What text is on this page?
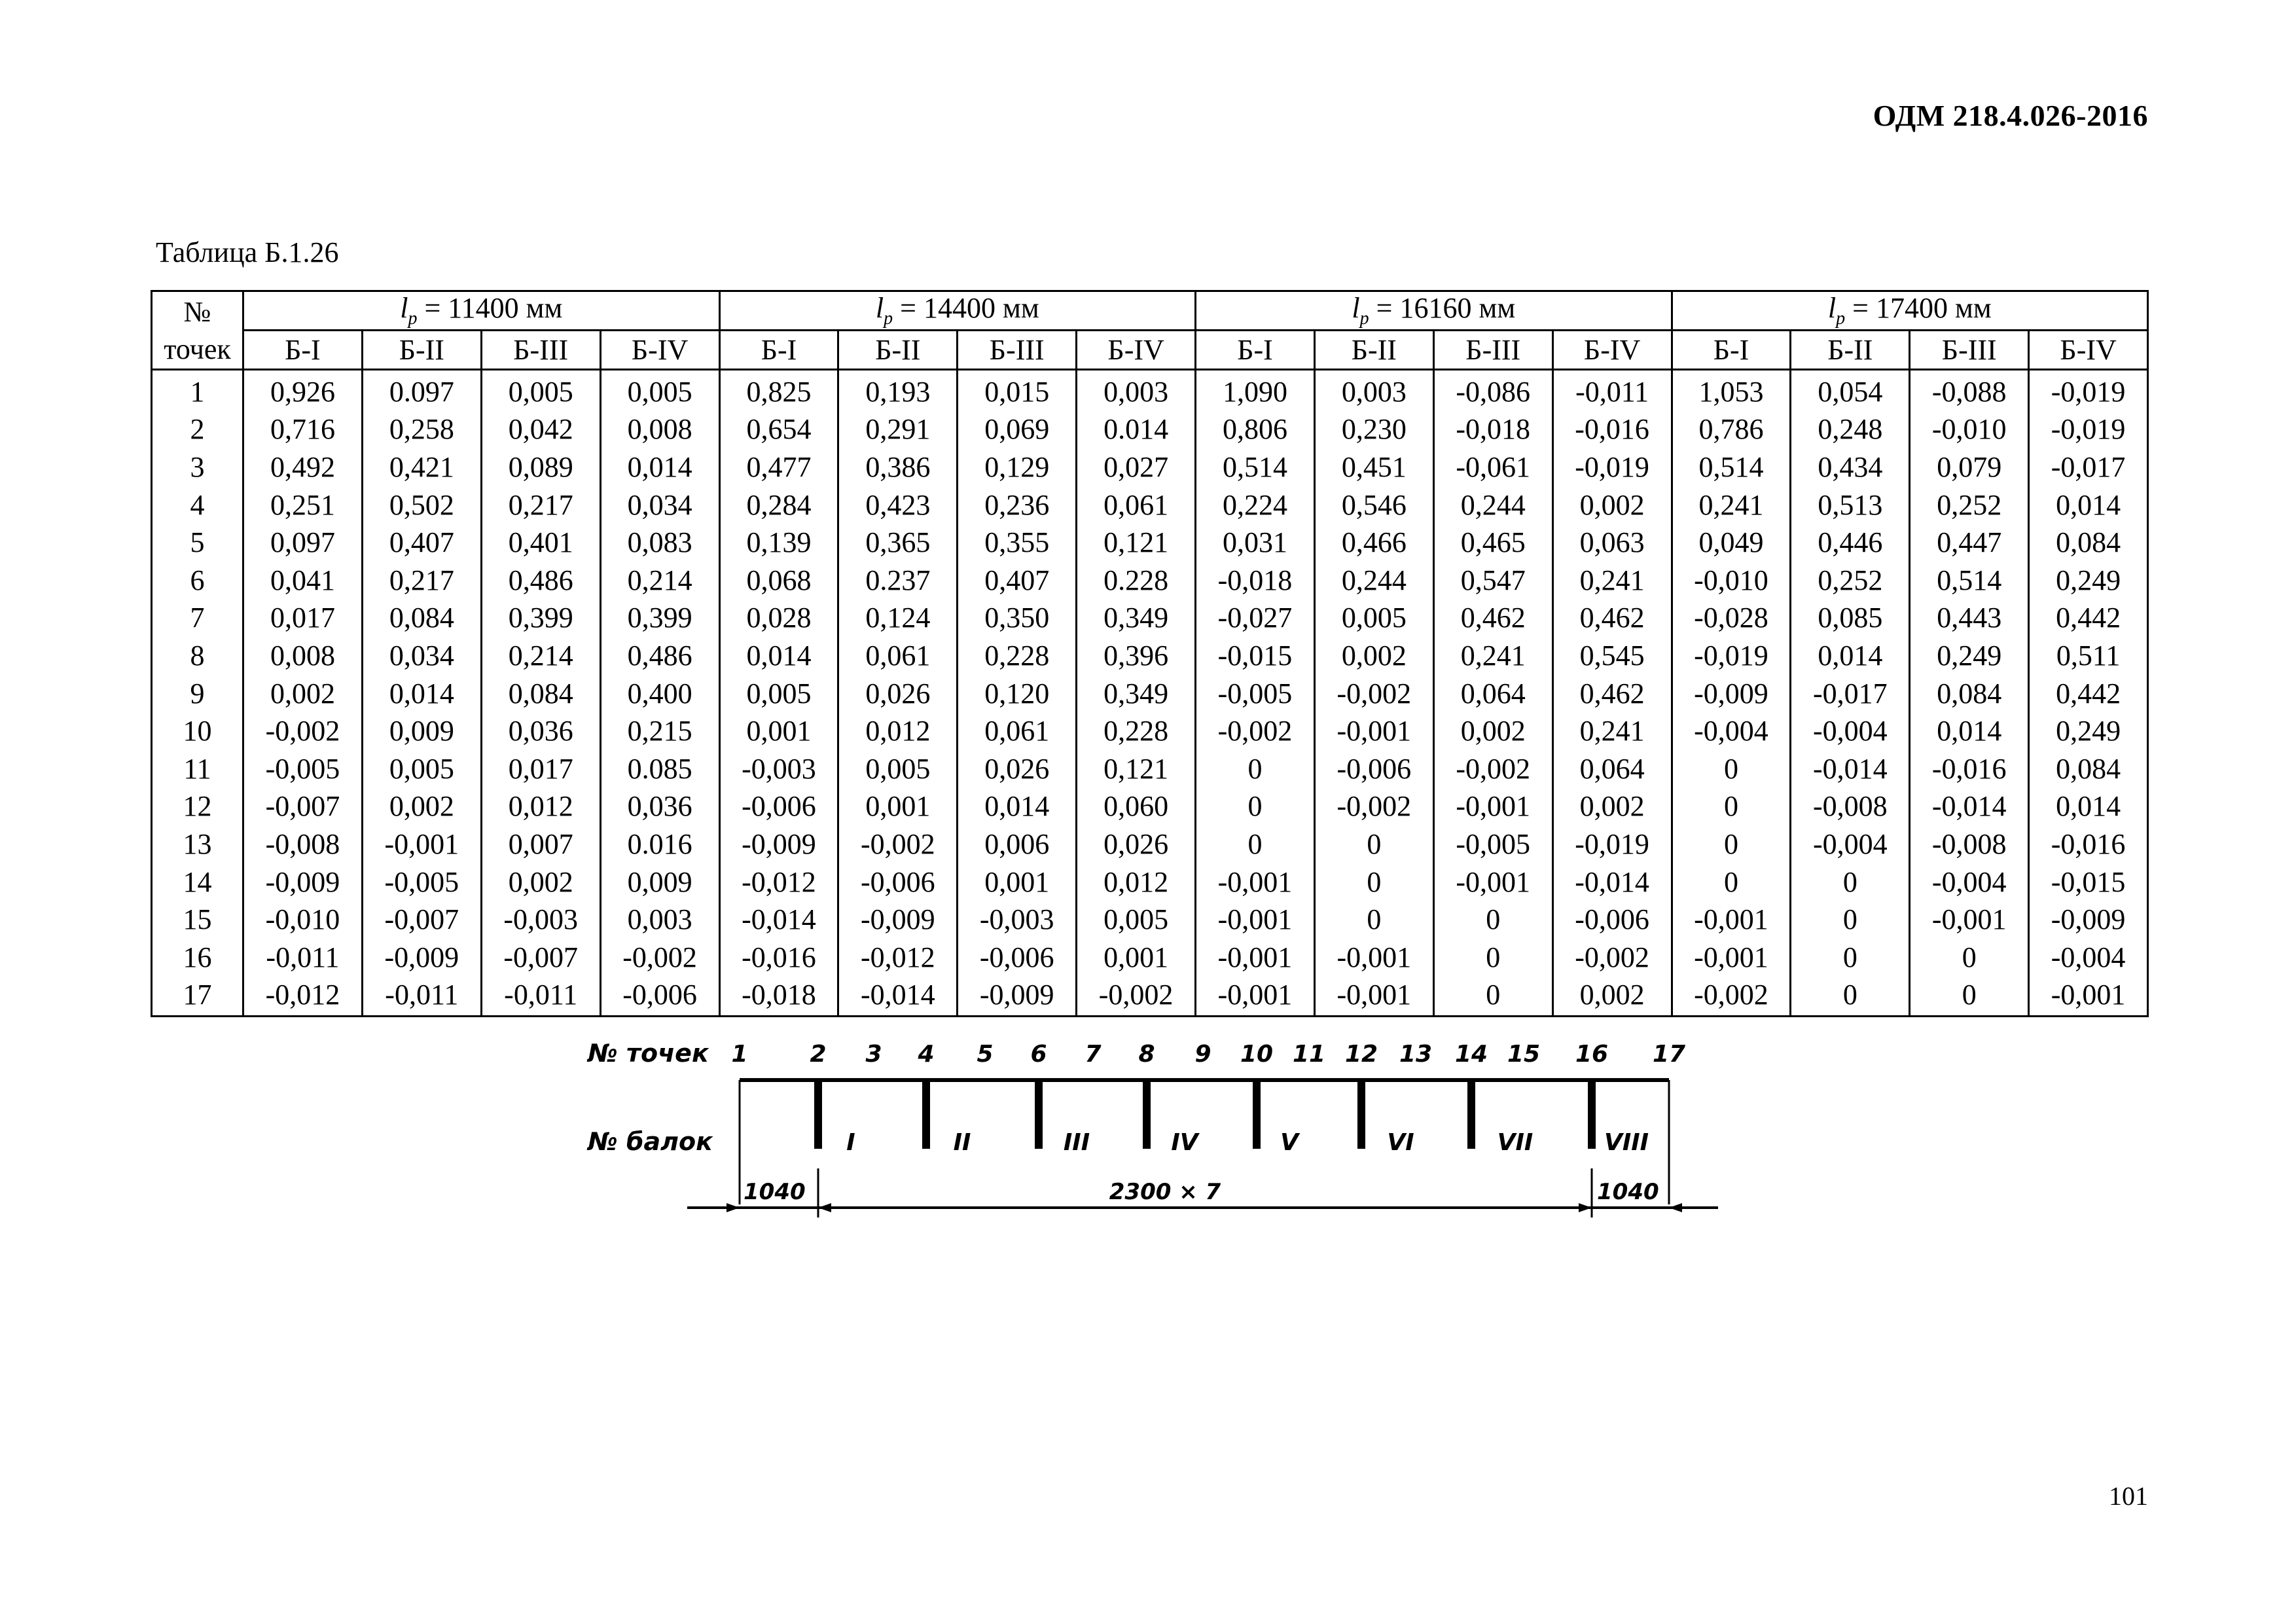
ОДМ 218.4.026-2016
Таблица Б.1.26
№
точек	$l_p = 11400$ мм				$l_p = 14400$ мм				$l_p = 16160$ мм				$l_p = 17400$ мм			
	Б-I	Б-II	Б-III	Б-IV	Б-I	Б-II	Б-III	Б-IV	Б-I	Б-II	Б-III	Б-IV	Б-I	Б-II	Б-III	Б-IV
1	0,926	0.097	0,005	0,005	0,825	0,193	0,015	0,003	1,090	0,003	-0,086	-0,011	1,053	0,054	-0,088	-0,019
2	0,716	0,258	0,042	0,008	0,654	0,291	0,069	0.014	0,806	0,230	-0,018	-0,016	0,786	0,248	-0,010	-0,019
3	0,492	0,421	0,089	0,014	0,477	0,386	0,129	0,027	0,514	0,451	-0,061	-0,019	0,514	0,434	0,079	-0,017
4	0,251	0,502	0,217	0,034	0,284	0,423	0,236	0,061	0,224	0,546	0,244	0,002	0,241	0,513	0,252	0,014
5	0,097	0,407	0,401	0,083	0,139	0,365	0,355	0,121	0,031	0,466	0,465	0,063	0,049	0,446	0,447	0,084
6	0,041	0,217	0,486	0,214	0,068	0.237	0,407	0.228	-0,018	0,244	0,547	0,241	-0,010	0,252	0,514	0,249
7	0,017	0,084	0,399	0,399	0,028	0,124	0,350	0,349	-0,027	0,005	0,462	0,462	-0,028	0,085	0,443	0,442
8	0,008	0,034	0,214	0,486	0,014	0,061	0,228	0,396	-0,015	0,002	0,241	0,545	-0,019	0,014	0,249	0,511
9	0,002	0,014	0,084	0,400	0,005	0,026	0,120	0,349	-0,005	-0,002	0,064	0,462	-0,009	-0,017	0,084	0,442
10	-0,002	0,009	0,036	0,215	0,001	0,012	0,061	0,228	-0,002	-0,001	0,002	0,241	-0,004	-0,004	0,014	0,249
11	-0,005	0,005	0,017	0.085	-0,003	0,005	0,026	0,121	0	-0,006	-0,002	0,064	0	-0,014	-0,016	0,084
12	-0,007	0,002	0,012	0,036	-0,006	0,001	0,014	0,060	0	-0,002	-0,001	0,002	0	-0,008	-0,014	0,014
13	-0,008	-0,001	0,007	0.016	-0,009	-0,002	0,006	0,026	0	0	-0,005	-0,019	0	-0,004	-0,008	-0,016
14	-0,009	-0,005	0,002	0,009	-0,012	-0,006	0,001	0,012	-0,001	0	-0,001	-0,014	0	0	-0,004	-0,015
15	-0,010	-0,007	-0,003	0,003	-0,014	-0,009	-0,003	0,005	-0,001	0	0	-0,006	-0,001	0	-0,001	-0,009
16	-0,011	-0,009	-0,007	-0,002	-0,016	-0,012	-0,006	0,001	-0,001	-0,001	0	-0,002	-0,001	0	0	-0,004
17	-0,012	-0,011	-0,011	-0,006	-0,018	-0,014	-0,009	-0,002	-0,001	-0,001	0	0,002	-0,002	0	0	-0,001
№ точек
№ балок
1	2 3 4 5 6 7 8 9 10 11 12 13 14 15 16 17
I	II	III	IV	V	VI	VII	VIII
1040	2300 × 7	1040
101
